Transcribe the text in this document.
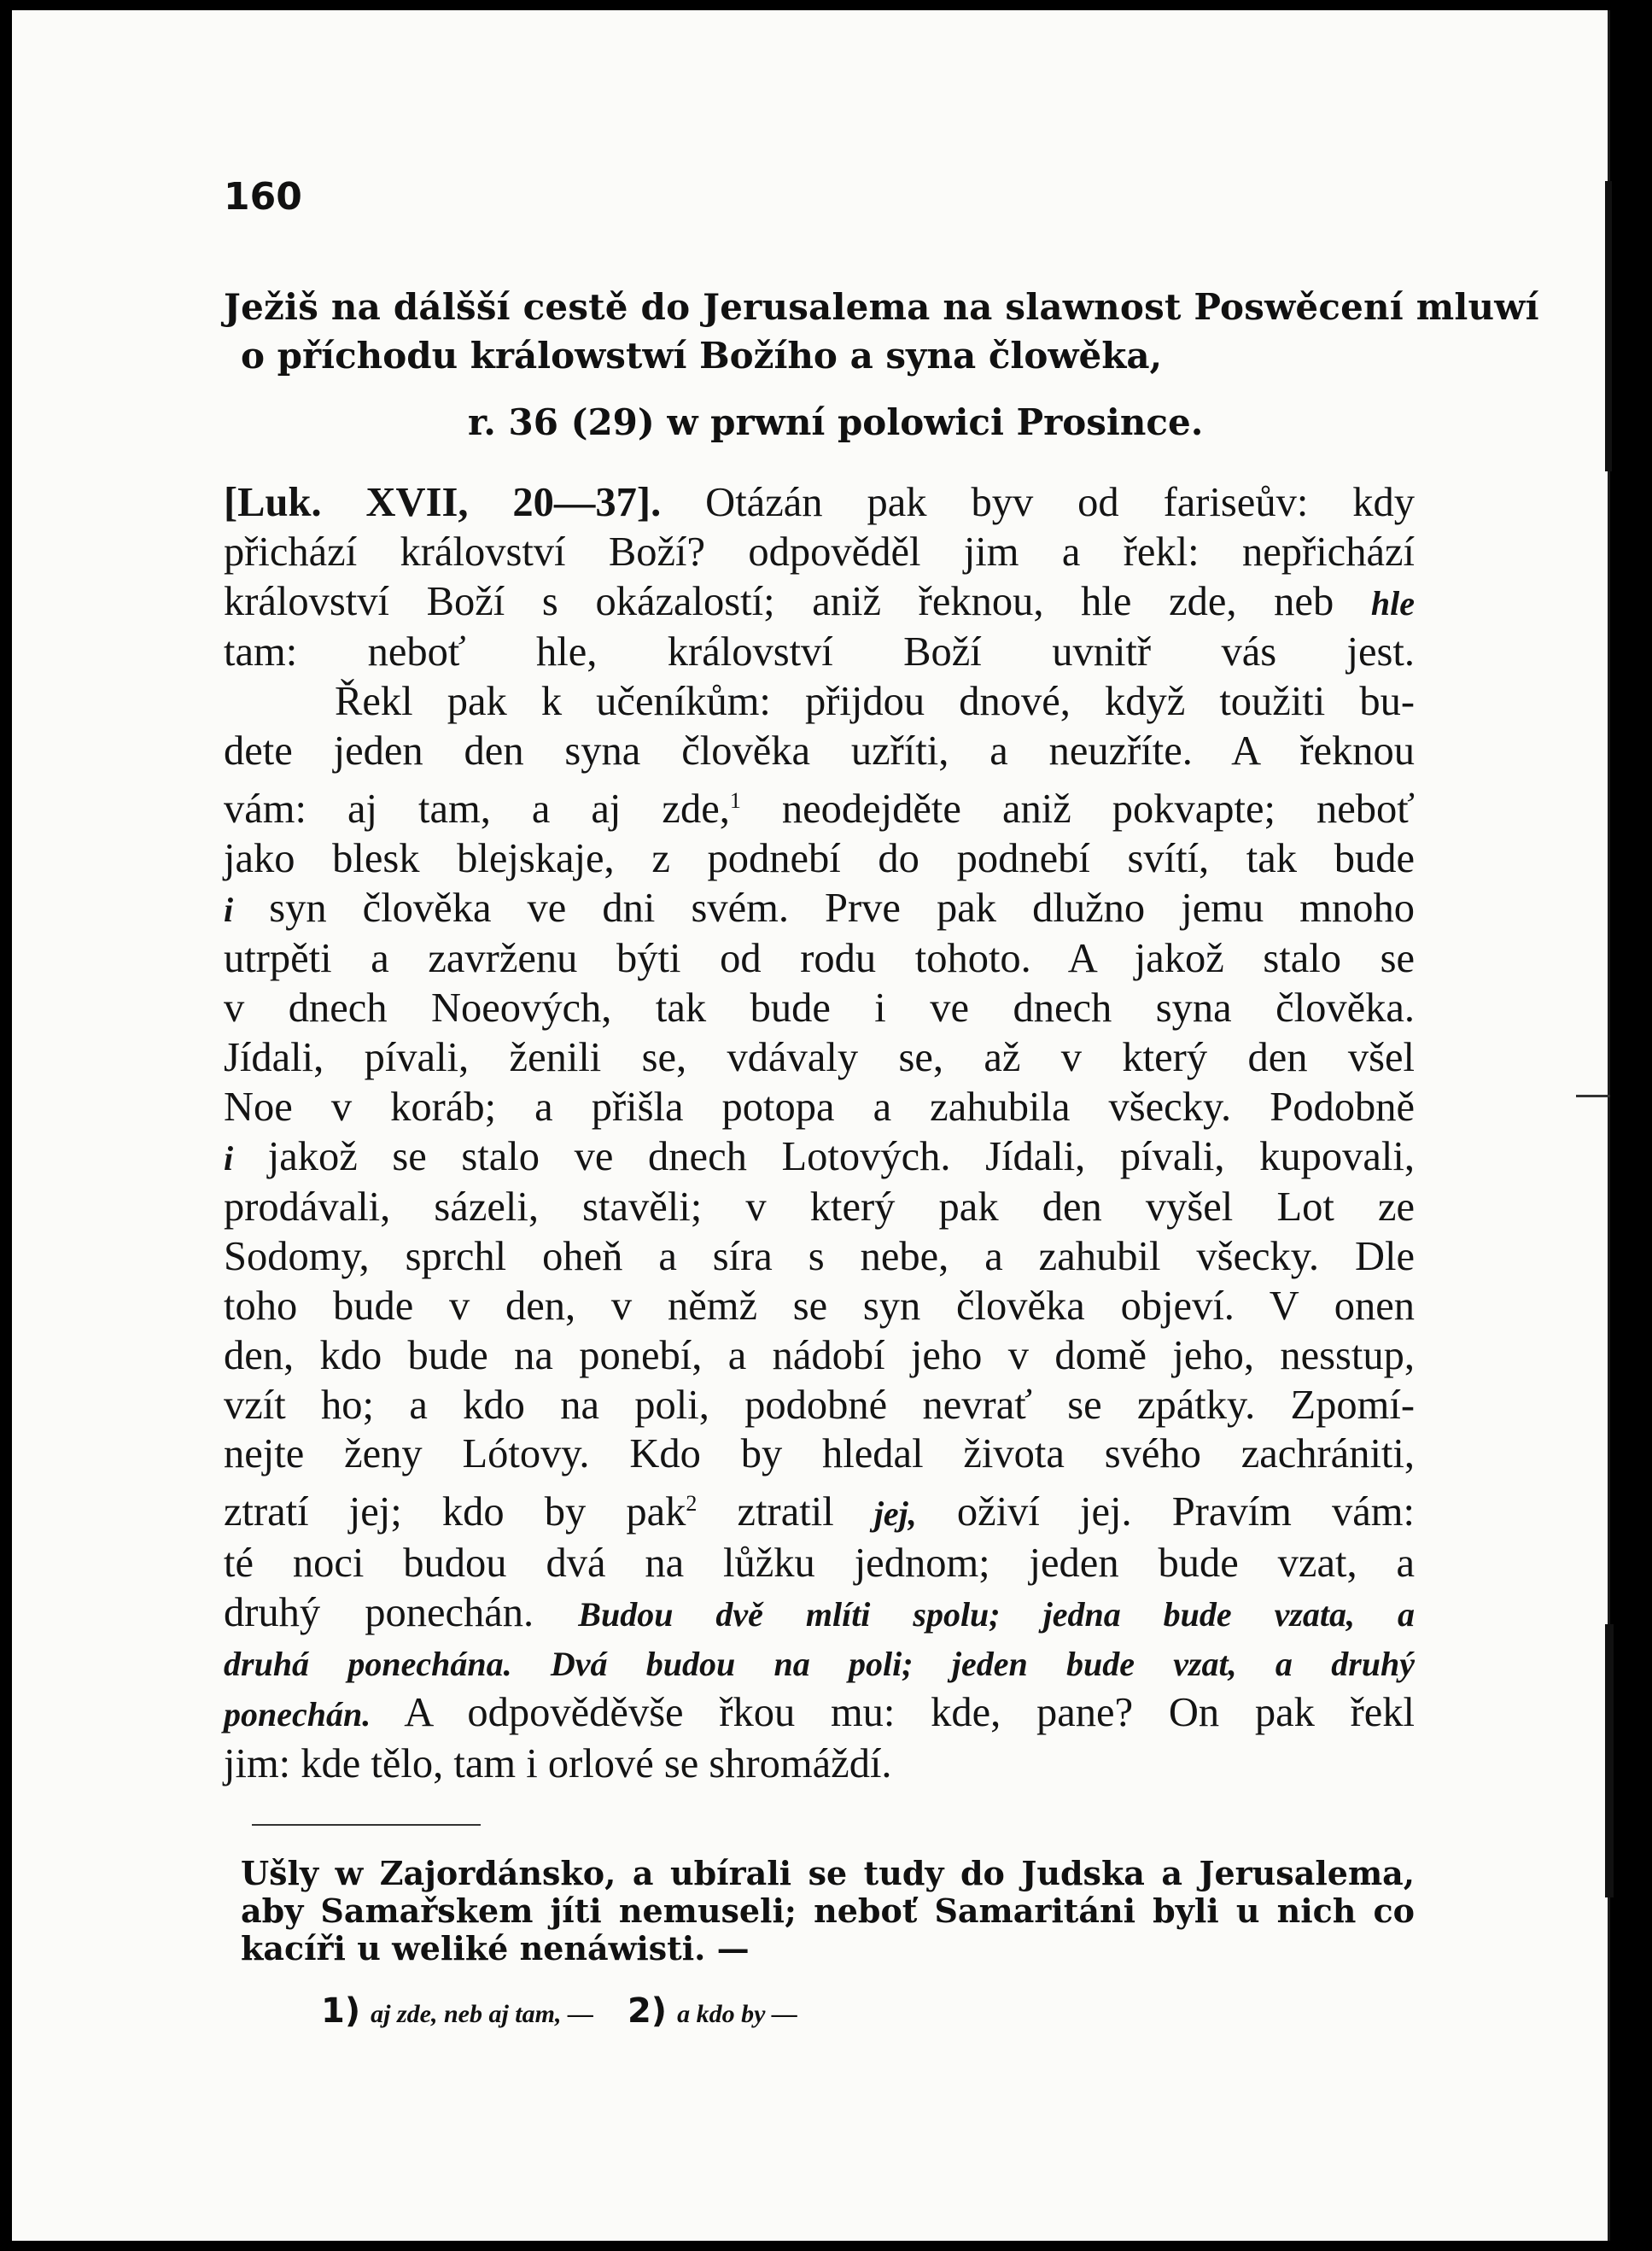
160
Ježiš na dálšší cestě do Jerusalema na slawnost Poswěcení mluwí
o příchodu králowstwí Božího a syna člowěka,
r. 36 (29) w prwní polowici Prosince.
[Luk. XVII, 20—37]. Otázán pak byv od fariseův: kdy
přichází království Boží? odpověděl jim a řekl: nepřichází
království Boží s okázalostí; aniž řeknou, hle zde, neb hle
tam: neboť hle, království Boží uvnitř vás jest.
Řekl pak k učeníkům: přijdou dnové, když toužiti bu-
dete jeden den syna člověka uzříti, a neuzříte. A řeknou
vám: aj tam, a aj zde,$^1$ neodejděte aniž pokvapte; neboť
jako blesk blejskaje, z podnebí do podnebí svítí, tak bude
i syn člověka ve dni svém. Prve pak dlužno jemu mnoho
utrpěti a zavrženu býti od rodu tohoto. A jakož stalo se
v dnech Noeových, tak bude i ve dnech syna člověka.
Jídali, pívali, ženili se, vdávaly se, až v který den všel
Noe v koráb; a přišla potopa a zahubila všecky. Podobně
i jakož se stalo ve dnech Lotových. Jídali, pívali, kupovali,
prodávali, sázeli, stavěli; v který pak den vyšel Lot ze
Sodomy, sprchl oheň a síra s nebe, a zahubil všecky. Dle
toho bude v den, v němž se syn člověka objeví. V onen
den, kdo bude na ponebí, a nádobí jeho v domě jeho, nesstup,
vzít ho; a kdo na poli, podobné nevrať se zpátky. Zpomí-
nejte ženy Lótovy. Kdo by hledal života svého zachrániti,
ztratí jej; kdo by pak$^2$ ztratil jej, oživí jej. Pravím vám:
té noci budou dvá na lůžku jednom; jeden bude vzat, a
druhý ponechán. Budou dvě mlíti spolu; jedna bude vzata, a
druhá ponechána. Dvá budou na poli; jeden bude vzat, a druhý
ponechán. A odpověděvše řkou mu: kde, pane? On pak řekl
jim: kde tělo, tam i orlové se shromáždí.
Ušly w Zajordánsko, a ubírali se tudy do Judska a Jerusalema,
aby Samařskem jíti nemuseli; neboť Samaritáni byli u nich co
kacíři u weliké nenáwisti. —
1) aj zde, neb aj tam, — 2) a kdo by —
